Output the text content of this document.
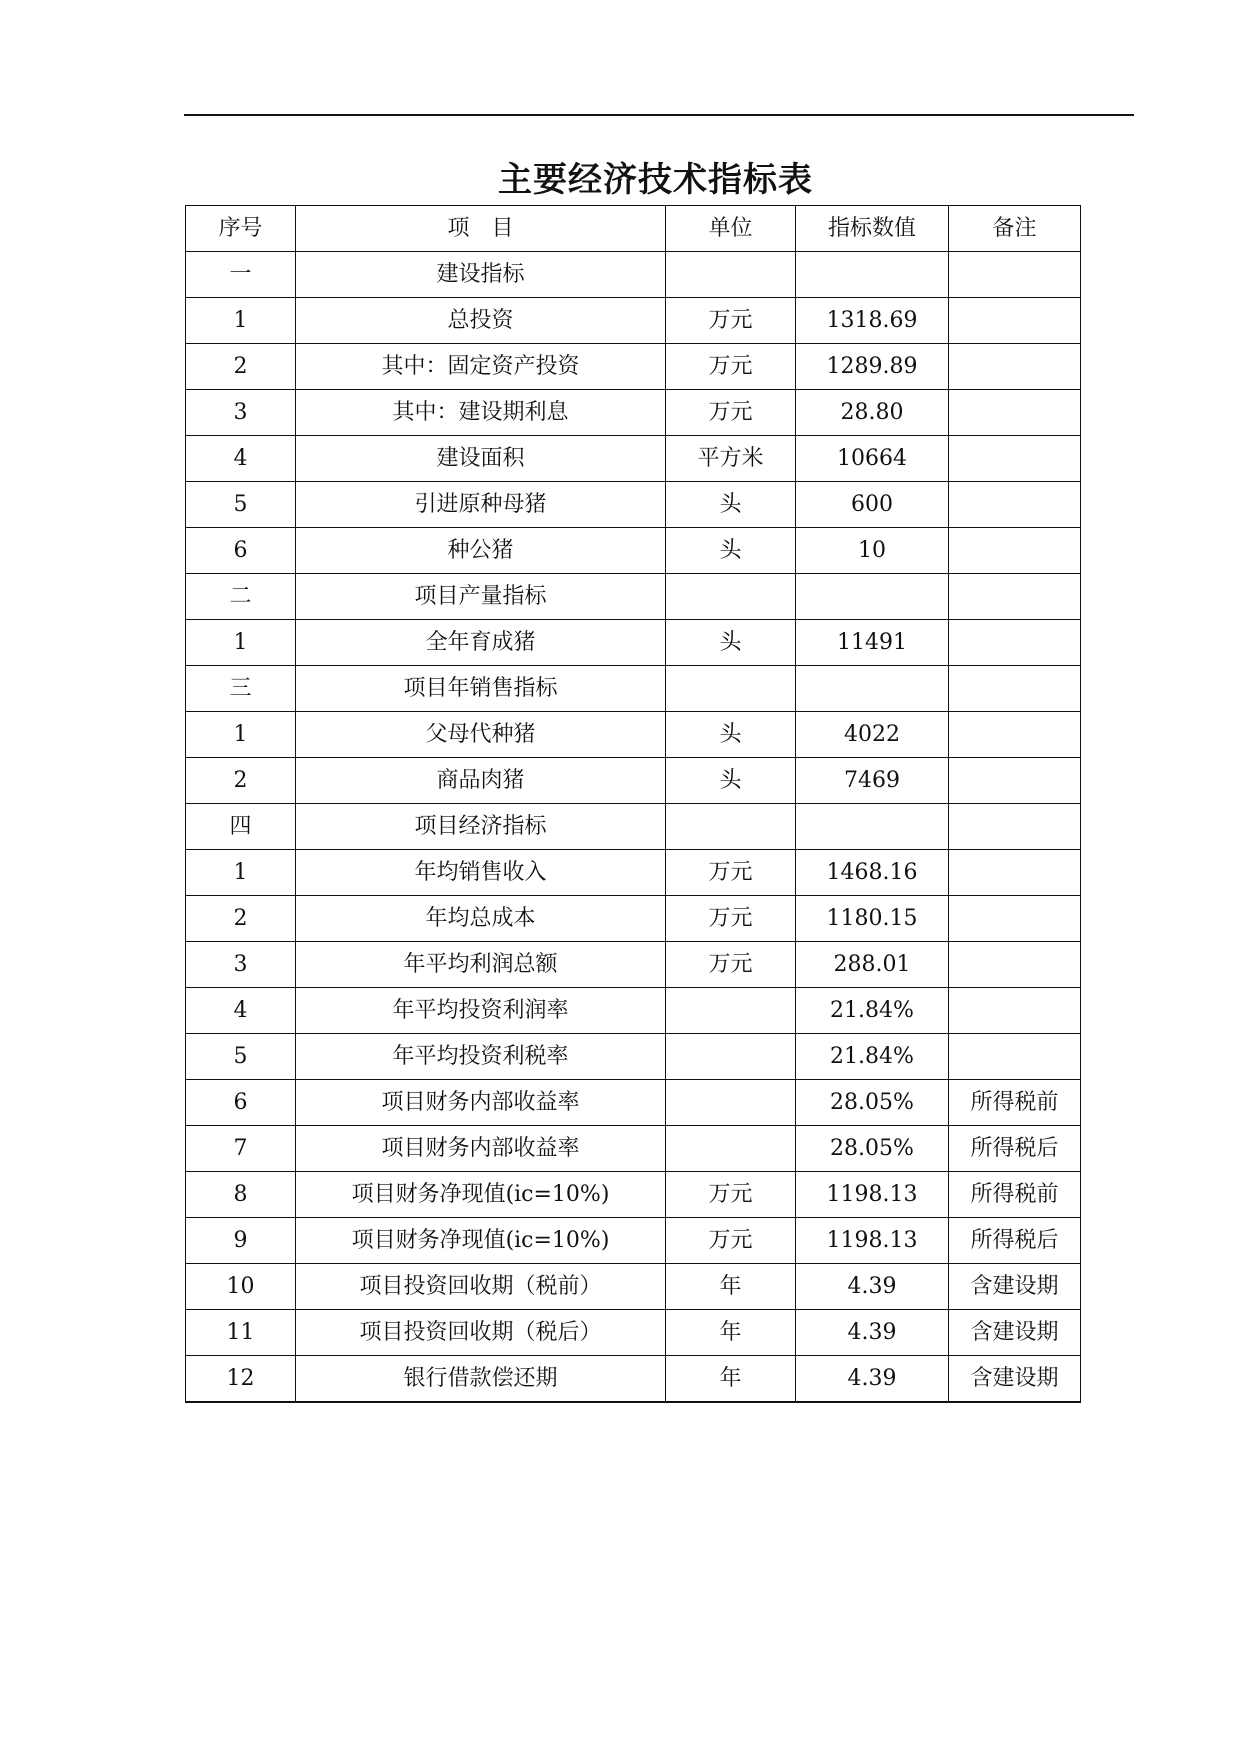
主要经济技术指标表
序号	项　目	单位	指标数值	备注
一	建设指标			
1	总投资	万元	1318.69	
2	其中：固定资产投资	万元	1289.89	
3	其中：建设期利息	万元	28.80	
4	建设面积	平方米	10664	
5	引进原种母猪	头	600	
6	种公猪	头	10	
二	项目产量指标			
1	全年育成猪	头	11491	
三	项目年销售指标			
1	父母代种猪	头	4022	
2	商品肉猪	头	7469	
四	项目经济指标			
1	年均销售收入	万元	1468.16	
2	年均总成本	万元	1180.15	
3	年平均利润总额	万元	288.01	
4	年平均投资利润率		21.84%	
5	年平均投资利税率		21.84%	
6	项目财务内部收益率		28.05%	所得税前
7	项目财务内部收益率		28.05%	所得税后
8	项目财务净现值(ic=10%)	万元	1198.13	所得税前
9	项目财务净现值(ic=10%)	万元	1198.13	所得税后
10	项目投资回收期（税前）	年	4.39	含建设期
11	项目投资回收期（税后）	年	4.39	含建设期
12	银行借款偿还期	年	4.39	含建设期
